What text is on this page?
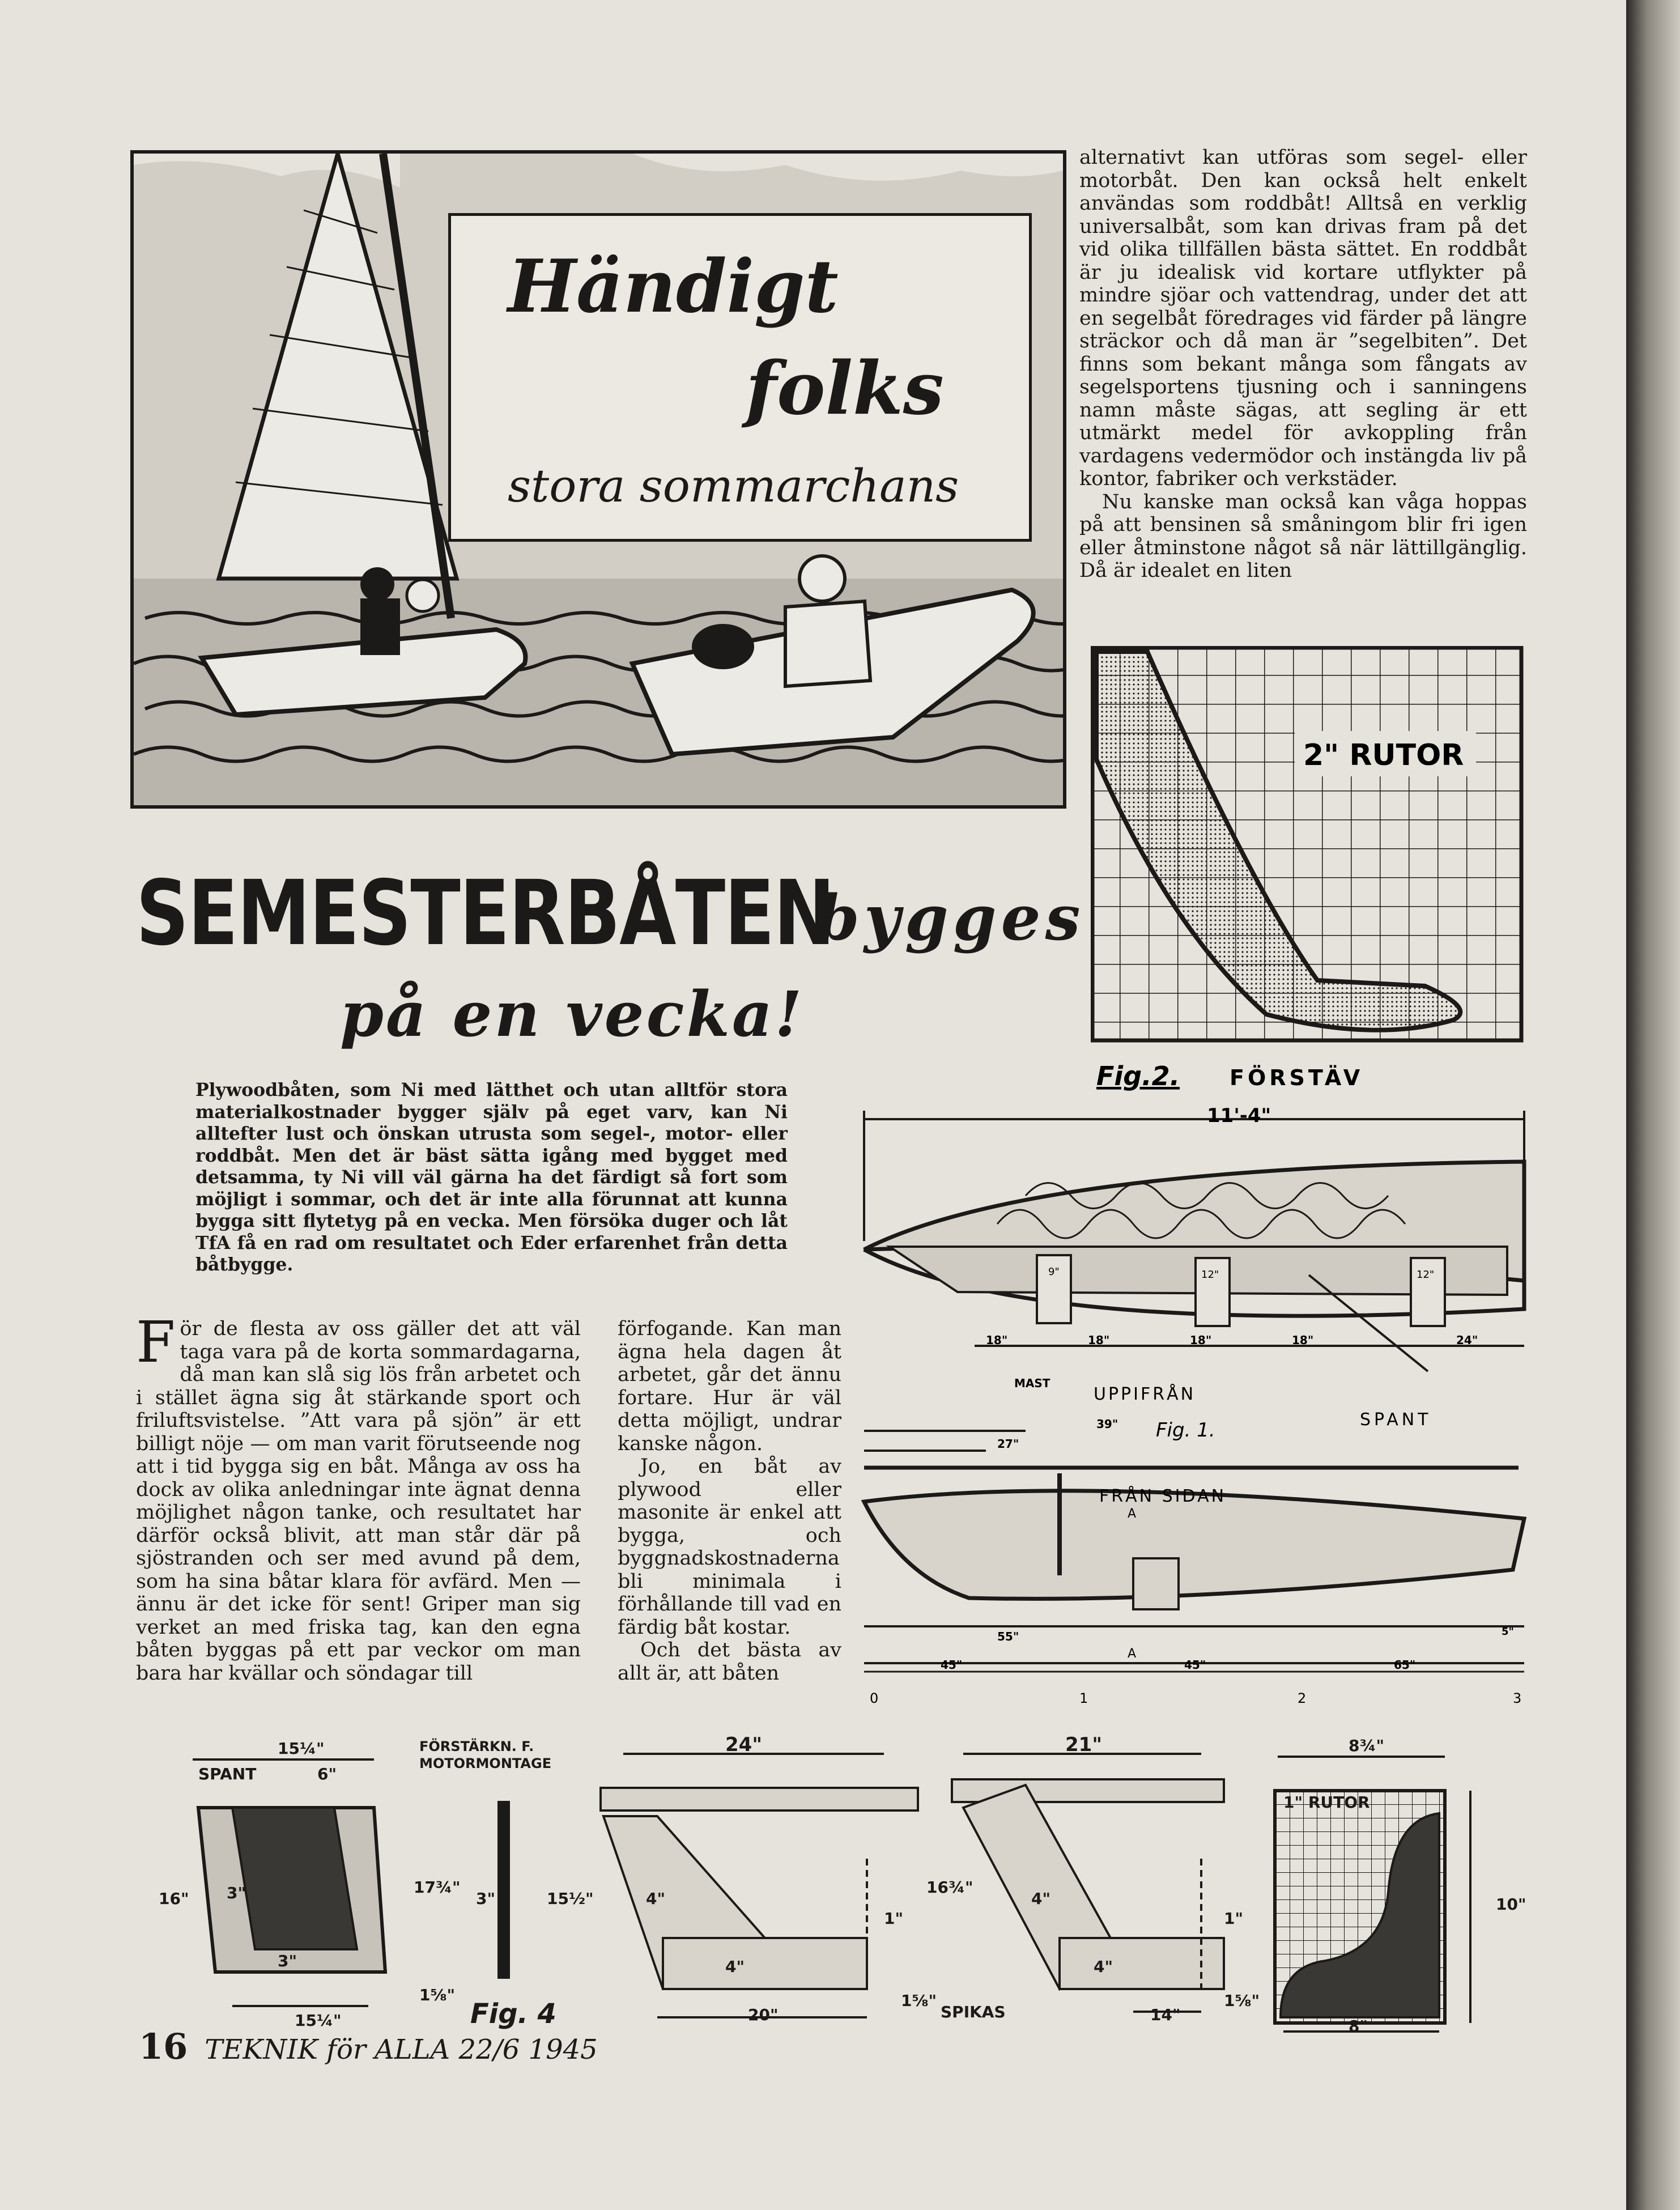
Händigt
folks
stora sommarchans

alternativt kan utföras som segel- eller motorbåt. Den kan också helt enkelt användas som roddbåt! Alltså en verklig universalbåt, som kan drivas fram på det vid olika tillfällen bästa sättet. En roddbåt är ju idealisk vid kortare utflykter på mindre sjöar och vattendrag, under det att en segelbåt föredrages vid färder på längre sträckor och då man är ”segelbiten”. Det finns som bekant många som fångats av segelsportens tjusning och i sanningens namn måste sägas, att segling är ett utmärkt medel för avkoppling från vardagens vedermödor och instängda liv på kontor, fabriker och verkstäder.

Nu kanske man också kan våga hoppas på att bensinen så småningom blir fri igen eller åtminstone något så när lättillgänglig. Då är idealet en liten

2" RUTOR
Fig.2. FÖRSTÄV
SEMESTERBÅTEN
bygges
på en vecka!
Plywoodbåten, som Ni med lätthet och utan alltför stora materialkostnader bygger själv på eget varv, kan Ni alltefter lust och önskan utrusta som segel-, motor- eller roddbåt. Men det är bäst sätta igång med bygget med detsamma, ty Ni vill väl gärna ha det färdigt så fort som möjligt i sommar, och det är inte alla förunnat att kunna bygga sitt flytetyg på en vecka. Men försöka duger och låt TfA få en rad om resultatet och Eder erfarenhet från detta båtbygge.
För de flesta av oss gäller det att väl taga vara på de korta sommardagarna, då man kan slå sig lös från arbetet och i stället ägna sig åt stärkande sport och friluftsvistelse. ”Att vara på sjön” är ett billigt nöje — om man varit förutseende nog att i tid bygga sig en båt. Många av oss ha dock av olika anledningar inte ägnat denna möjlighet någon tanke, och resultatet har därför också blivit, att man står där på sjöstranden och ser med avund på dem, som ha sina båtar klara för avfärd. Men — ännu är det icke för sent! Griper man sig verket an med friska tag, kan den egna båten byggas på ett par veckor om man bara har kvällar och söndagar till

förfogande. Kan man ägna hela dagen åt arbetet, går det ännu fortare. Hur är väl detta möjligt, undrar kanske någon.

Jo, en båt av plywood eller masonite är enkel att bygga, och byggnadskostnaderna bli minimala i förhållande till vad en färdig båt kostar.

Och det bästa av allt är, att båten

11'-4"
18"	18"	18"	18"	24"
9"	12"	12"
MAST
39"
UPPIFRÅN
SPANT
Fig. 1.
FRÅN SIDAN
27"
55"
45"	45"	65"
5"
A
A
0	1	2	3
15¼"
SPANT	6"
FÖRSTÄRKN. F.
MOTORMONTAGE
16" 3"
3"
3"
17¾"
15½"
15¼"
1⅝"
Fig. 4
24"
4"
4"
1"
20"
1⅝"
21"
16¾"
4"
4"
1"
SPIKAS	14"
1⅝"
8¾"
1" RUTOR
10"
8"
16 TEKNIK för ALLA 22/6 1945
